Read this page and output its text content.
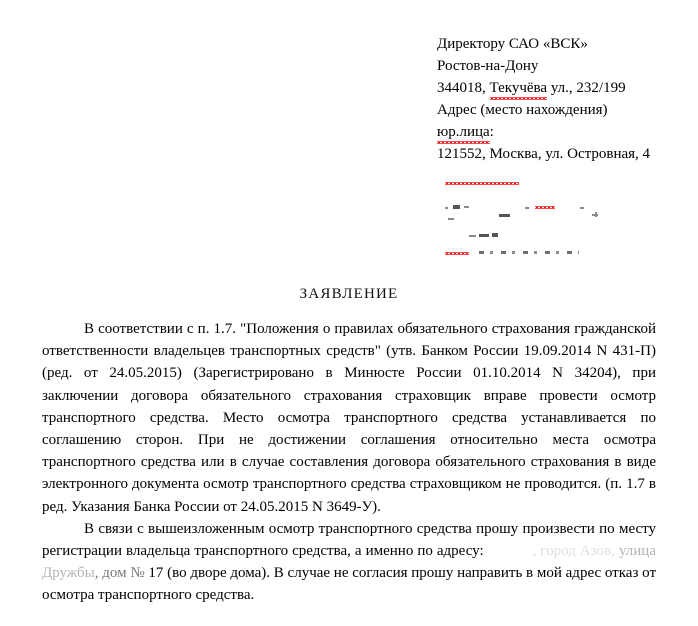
Директору САО «ВСК»
Ростов-на-Дону
344018, Текучёва ул., 232/199
Адрес (место нахождения)
юр.лица:
121552, Москва, ул. Островная, 4
ЗАЯВЛЕНИЕ

В соответствии с п. 1.7. "Положения о правилах обязательного страхования гражданской ответственности владельцев транспортных средств" (утв. Банком России 19.09.2014 N 431-П) (ред. от 24.05.2015) (Зарегистрировано в Минюсте России 01.10.2014 N 34204), при заключении договора обязательного страхования страховщик вправе провести осмотр транспортного средства. Место осмотра транспортного средства устанавливается по соглашению сторон. При не достижении соглашения относительно места осмотра транспортного средства или в случае составления договора обязательного страхования в виде электронного документа осмотр транспортного средства страховщиком не проводится. (п. 1.7 в ред. Указания Банка России от 24.05.2015 N 3649-У).

В связи с вышеизложенным осмотр транспортного средства прошу произвести по месту регистрации владельца транспортного средства, а именно по адресу:	, город Азов, улица Дружбы, дом № 17 (во дворе дома). В случае не согласия прошу направить в мой адрес отказ от осмотра транспортного средства.
